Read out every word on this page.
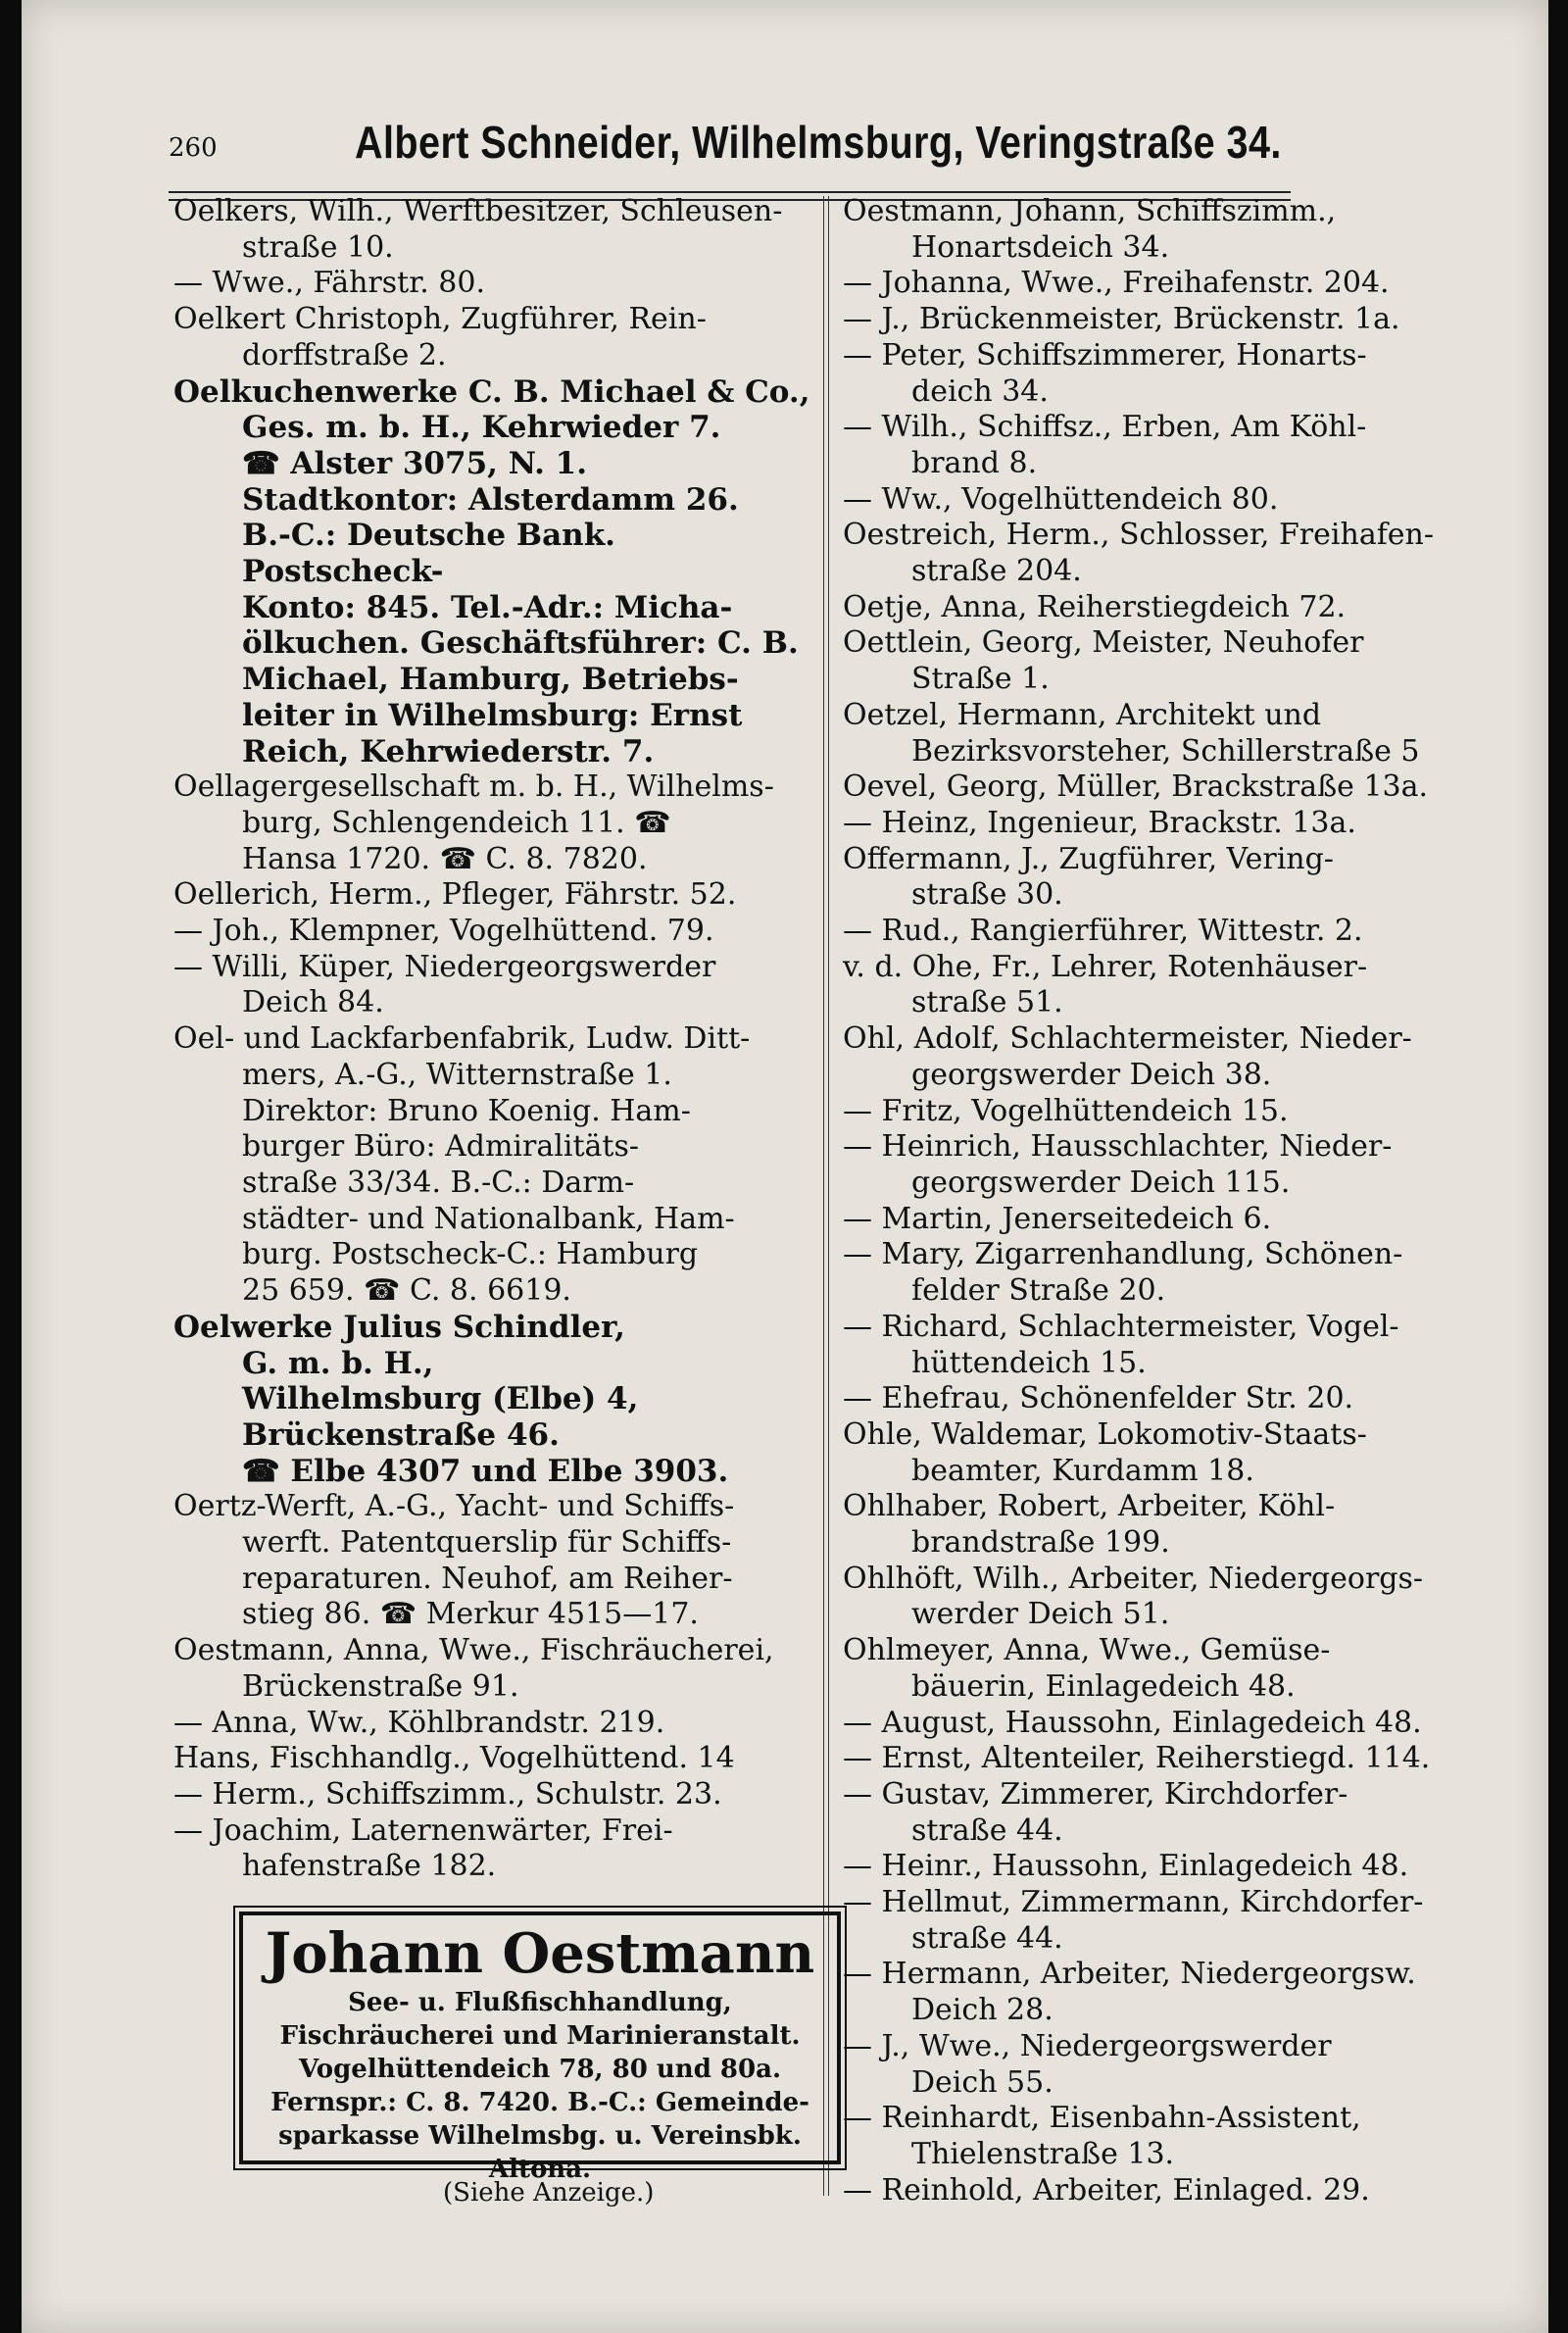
260	Albert Schneider, Wilhelmsburg, Veringstraße 34.
Oelkers, Wilh., Werftbesitzer, Schleusen-
straße 10.
— Wwe., Fährstr. 80.
Oelkert Christoph, Zugführer, Rein-
dorffstraße 2.
Oelkuchenwerke C. B. Michael & Co.,
Ges. m. b. H., Kehrwieder 7.
☎ Alster 3075, N. 1.
Stadtkontor: Alsterdamm 26.
B.-C.: Deutsche Bank. Postscheck-
Konto: 845. Tel.-Adr.: Micha-
ölkuchen. Geschäftsführer: C. B.
Michael, Hamburg, Betriebs-
leiter in Wilhelmsburg: Ernst
Reich, Kehrwiederstr. 7.
Oellagergesellschaft m. b. H., Wilhelms-
burg, Schlengendeich 11. ☎
Hansa 1720. ☎ C. 8. 7820.
Oellerich, Herm., Pfleger, Fährstr. 52.
— Joh., Klempner, Vogelhüttend. 79.
— Willi, Küper, Niedergeorgswerder
Deich 84.
Oel- und Lackfarbenfabrik, Ludw. Ditt-
mers, A.-G., Witternstraße 1.
Direktor: Bruno Koenig. Ham-
burger Büro: Admiralitäts-
straße 33/34. B.-C.: Darm-
städter- und Nationalbank, Ham-
burg. Postscheck-C.: Hamburg
25 659. ☎ C. 8. 6619.
Oelwerke Julius Schindler,
G. m. b. H.,
Wilhelmsburg (Elbe) 4,
Brückenstraße 46.
☎ Elbe 4307 und Elbe 3903.
Oertz-Werft, A.-G., Yacht- und Schiffs-
werft. Patentquerslip für Schiffs-
reparaturen. Neuhof, am Reiher-
stieg 86. ☎ Merkur 4515—17.
Oestmann, Anna, Wwe., Fischräucherei,
Brückenstraße 91.
— Anna, Ww., Köhlbrandstr. 219.
Hans, Fischhandlg., Vogelhüttend. 14
— Herm., Schiffszimm., Schulstr. 23.
— Joachim, Laternenwärter, Frei-
hafenstraße 182.
Oestmann, Johann, Schiffszimm.,
Honartsdeich 34.
— Johanna, Wwe., Freihafenstr. 204.
— J., Brückenmeister, Brückenstr. 1a.
— Peter, Schiffszimmerer, Honarts-
deich 34.
— Wilh., Schiffsz., Erben, Am Köhl-
brand 8.
— Ww., Vogelhüttendeich 80.
Oestreich, Herm., Schlosser, Freihafen-
straße 204.
Oetje, Anna, Reiherstiegdeich 72.
Oettlein, Georg, Meister, Neuhofer
Straße 1.
Oetzel, Hermann, Architekt und
Bezirksvorsteher, Schillerstraße 5
Oevel, Georg, Müller, Brackstraße 13a.
— Heinz, Ingenieur, Brackstr. 13a.
Offermann, J., Zugführer, Vering-
straße 30.
— Rud., Rangierführer, Wittestr. 2.
v. d. Ohe, Fr., Lehrer, Rotenhäuser-
straße 51.
Ohl, Adolf, Schlachtermeister, Nieder-
georgswerder Deich 38.
— Fritz, Vogelhüttendeich 15.
— Heinrich, Hausschlachter, Nieder-
georgswerder Deich 115.
— Martin, Jenerseitedeich 6.
— Mary, Zigarrenhandlung, Schönen-
felder Straße 20.
— Richard, Schlachtermeister, Vogel-
hüttendeich 15.
— Ehefrau, Schönenfelder Str. 20.
Ohle, Waldemar, Lokomotiv-Staats-
beamter, Kurdamm 18.
Ohlhaber, Robert, Arbeiter, Köhl-
brandstraße 199.
Ohlhöft, Wilh., Arbeiter, Niedergeorgs-
werder Deich 51.
Ohlmeyer, Anna, Wwe., Gemüse-
bäuerin, Einlagedeich 48.
— August, Haussohn, Einlagedeich 48.
— Ernst, Altenteiler, Reiherstiegd. 114.
— Gustav, Zimmerer, Kirchdorfer-
straße 44.
— Heinr., Haussohn, Einlagedeich 48.
— Hellmut, Zimmermann, Kirchdorfer-
straße 44.
— Hermann, Arbeiter, Niedergeorgsw.
Deich 28.
— J., Wwe., Niedergeorgswerder
Deich 55.
— Reinhardt, Eisenbahn-Assistent,
Thielenstraße 13.
— Reinhold, Arbeiter, Einlaged. 29.
Johann Oestmann
See- u. Flußfischhandlung,
Fischräucherei und Marinieranstalt.
Vogelhüttendeich 78, 80 und 80a.
Fernspr.: C. 8. 7420. B.-C.: Gemeinde-
sparkasse Wilhelmsbg. u. Vereinsbk. Altona.
(Siehe Anzeige.)
